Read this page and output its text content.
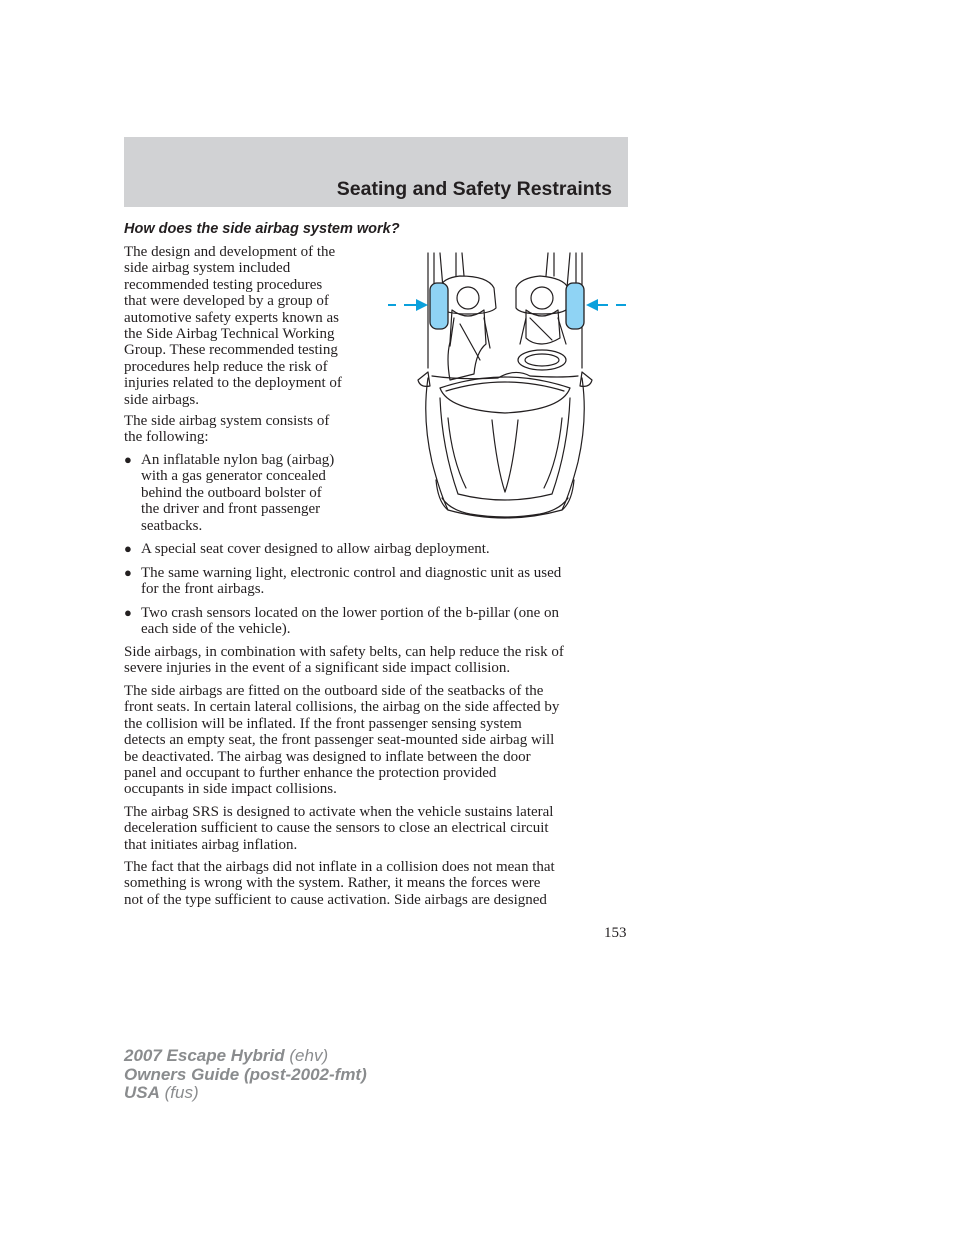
Seating and Safety Restraints
How does the side airbag system work?

The design and development of the
side airbag system included
recommended testing procedures
that were developed by a group of
automotive safety experts known as
the Side Airbag Technical Working
Group. These recommended testing
procedures help reduce the risk of
injuries related to the deployment of
side airbags.

The side airbag system consists of
the following:

● An inflatable nylon bag (airbag)
with a gas generator concealed
behind the outboard bolster of
the driver and front passenger
seatbacks.
● A special seat cover designed to allow airbag deployment.
● The same warning light, electronic control and diagnostic unit as used
for the front airbags.
● Two crash sensors located on the lower portion of the b-pillar (one on
each side of the vehicle).

Side airbags, in combination with safety belts, can help reduce the risk of
severe injuries in the event of a significant side impact collision.

The side airbags are fitted on the outboard side of the seatbacks of the
front seats. In certain lateral collisions, the airbag on the side affected by
the collision will be inflated. If the front passenger sensing system
detects an empty seat, the front passenger seat-mounted side airbag will
be deactivated. The airbag was designed to inflate between the door
panel and occupant to further enhance the protection provided
occupants in side impact collisions.

The airbag SRS is designed to activate when the vehicle sustains lateral
deceleration sufficient to cause the sensors to close an electrical circuit
that initiates airbag inflation.

The fact that the airbags did not inflate in a collision does not mean that
something is wrong with the system. Rather, it means the forces were
not of the type sufficient to cause activation. Side airbags are designed

153

2007 Escape Hybrid (ehv)
Owners Guide (post-2002-fmt)
USA (fus)
